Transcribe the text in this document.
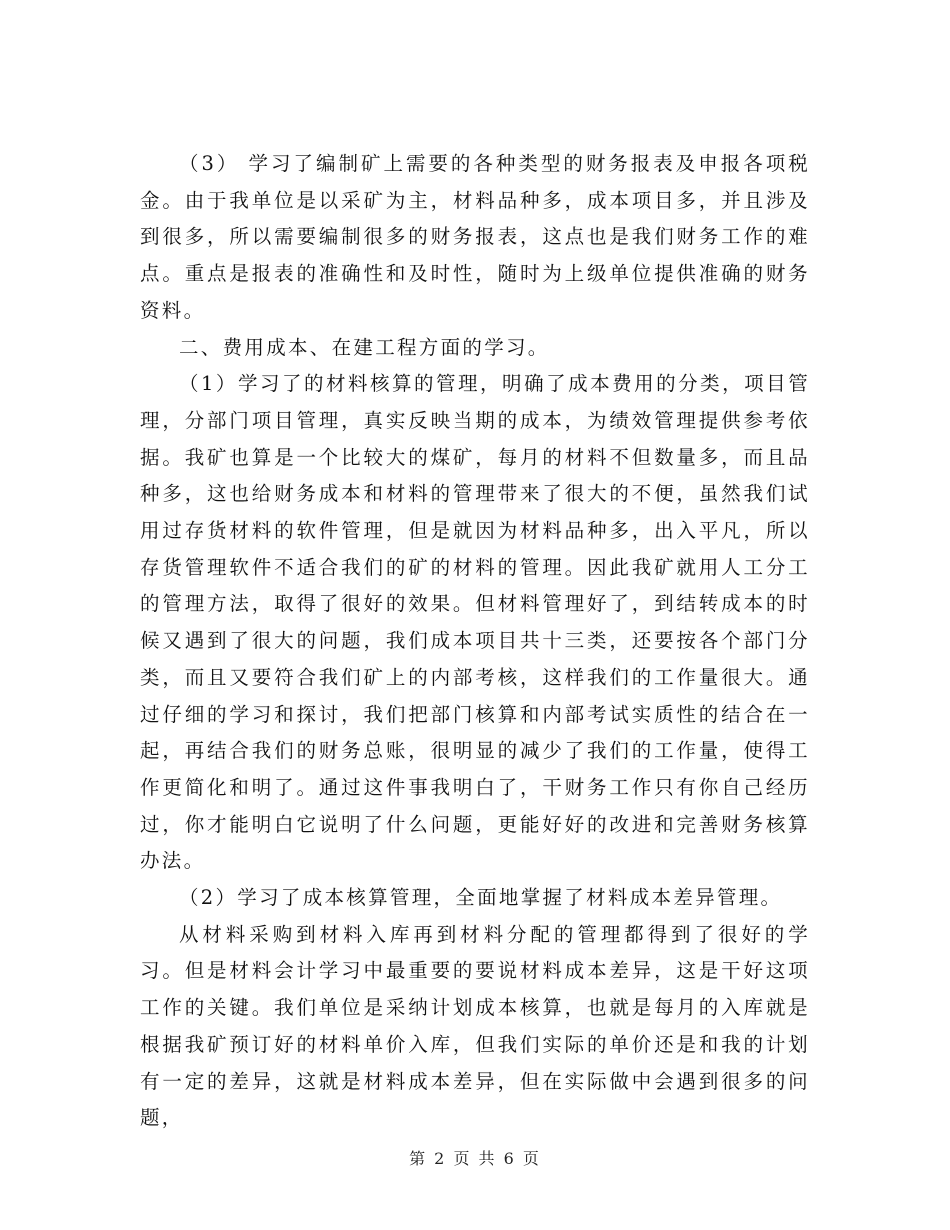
（3） 学习了编制矿上需要的各种类型的财务报表及申报各项税金。由于我单位是以采矿为主，材料品种多，成本项目多，并且涉及到很多，所以需要编制很多的财务报表，这点也是我们财务工作的难点。重点是报表的准确性和及时性，随时为上级单位提供准确的财务资料。

二、费用成本、在建工程方面的学习。

（1）学习了的材料核算的管理，明确了成本费用的分类，项目管理，分部门项目管理，真实反映当期的成本，为绩效管理提供参考依据。我矿也算是一个比较大的煤矿，每月的材料不但数量多，而且品种多，这也给财务成本和材料的管理带来了很大的不便，虽然我们试用过存货材料的软件管理，但是就因为材料品种多，出入平凡，所以存货管理软件不适合我们的矿的材料的管理。因此我矿就用人工分工的管理方法，取得了很好的效果。但材料管理好了，到结转成本的时候又遇到了很大的问题，我们成本项目共十三类，还要按各个部门分类，而且又要符合我们矿上的内部考核，这样我们的工作量很大。通过仔细的学习和探讨，我们把部门核算和内部考试实质性的结合在一起，再结合我们的财务总账，很明显的减少了我们的工作量，使得工作更简化和明了。通过这件事我明白了，干财务工作只有你自己经历过，你才能明白它说明了什么问题，更能好好的改进和完善财务核算办法。

（2）学习了成本核算管理，全面地掌握了材料成本差异管理。

从材料采购到材料入库再到材料分配的管理都得到了很好的学习。但是材料会计学习中最重要的要说材料成本差异，这是干好这项工作的关键。我们单位是采纳计划成本核算，也就是每月的入库就是根据我矿预订好的材料单价入库，但我们实际的单价还是和我的计划有一定的差异，这就是材料成本差异，但在实际做中会遇到很多的问题，

第 2 页 共 6 页
